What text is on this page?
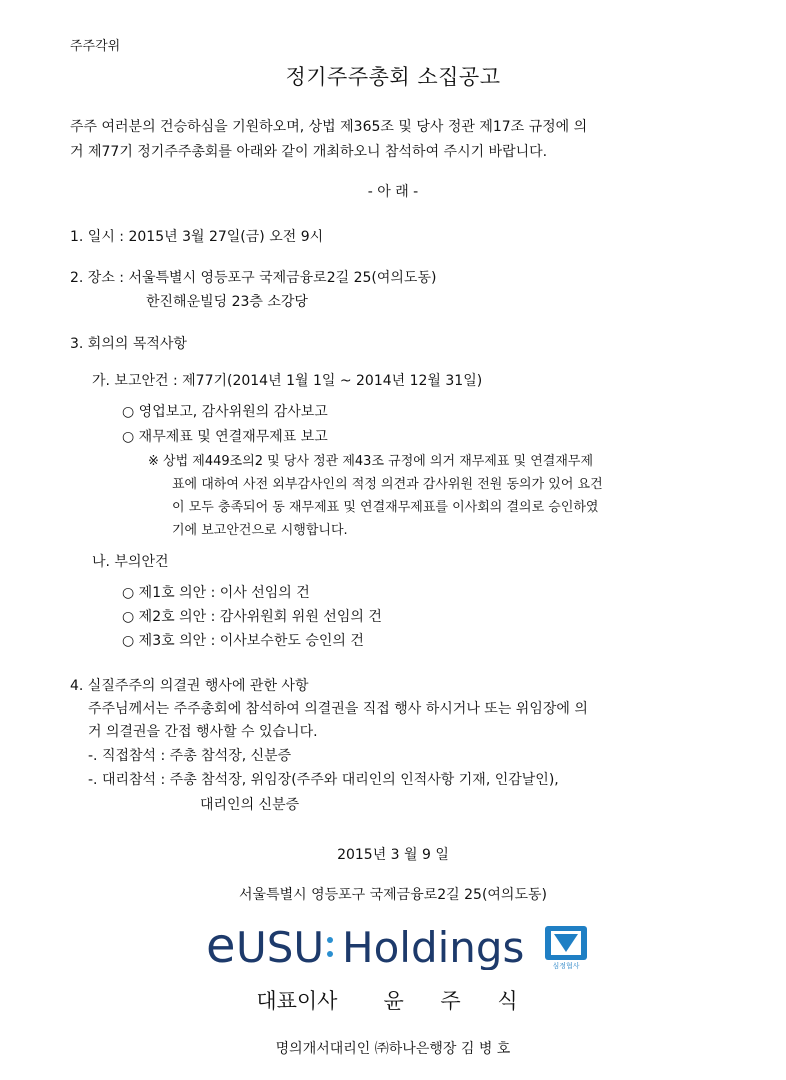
주주각위
정기주주총회 소집공고
주주 여러분의 건승하심을 기원하오며, 상법 제365조 및 당사 정관 제17조 규정에 의
거 제77기 정기주주총회를 아래와 같이 개최하오니 참석하여 주시기 바랍니다.
- 아 래 -
1. 일시 : 2015년 3월 27일(금) 오전 9시
2. 장소 : 서울특별시 영등포구 국제금융로2길 25(여의도동)
한진해운빌딩 23층 소강당
3. 회의의 목적사항
가. 보고안건 : 제77기(2014년 1월 1일 ~ 2014년 12월 31일)
○ 영업보고, 감사위원의 감사보고
○ 재무제표 및 연결재무제표 보고
※ 상법 제449조의2 및 당사 정관 제43조 규정에 의거 재무제표 및 연결재무제
표에 대하여 사전 외부감사인의 적정 의견과 감사위원 전원 동의가 있어 요건
이 모두 충족되어 동 재무제표 및 연결재무제표를 이사회의 결의로 승인하였
기에 보고안건으로 시행합니다.
나. 부의안건
○ 제1호 의안 : 이사 선임의 건
○ 제2호 의안 : 감사위원회 위원 선임의 건
○ 제3호 의안 : 이사보수한도 승인의 건
4. 실질주주의 의결권 행사에 관한 사항
주주님께서는 주주총회에 참석하여 의결권을 직접 행사 하시거나 또는 위임장에 의
거 의결권을 간접 행사할 수 있습니다.
-. 직접참석 : 주총 참석장, 신분증
-. 대리참석 : 주총 참석장, 위임장(주주와 대리인의 인적사항 기재, 인감날인),
대리인의 신분증
2015년 3 월 9 일
서울특별시 영등포구 국제금융로2길 25(여의도동)
e USU Holdings	심정협사
대표이사 윤 주 식
명의개서대리인 ㈜하나은행장 김 병 호
